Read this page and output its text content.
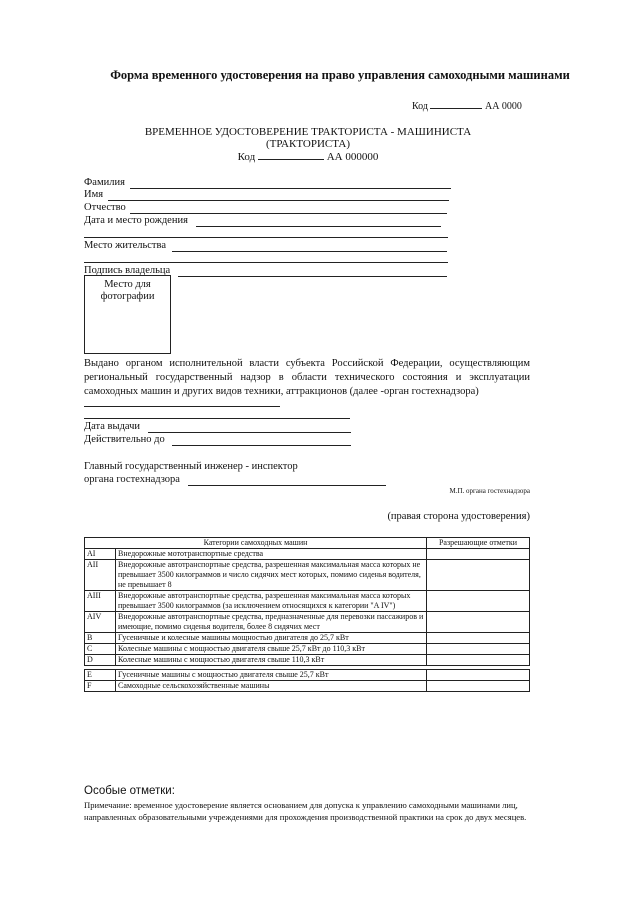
Форма временного удостоверения на право управления самоходными машинами
Код	АА 0000
ВРЕМЕННОЕ УДОСТОВЕРЕНИЕ ТРАКТОРИСТА - МАШИНИСТА
(ТРАКТОРИСТА)
Код	АА 000000
Фамилия
Имя
Отчество
Дата и место рождения
Место жительства
Подпись владельца
Место для
фотографии
Выдано органом исполнительной власти субъекта Российской Федерации, осуществляющим региональный государственный надзор в области технического состояния и эксплуатации самоходных машин и других видов техники, аттракционов (далее -орган гостехнадзора)
Дата выдачи
Действительно до
Главный государственный инженер - инспектор
органа гостехнадзора
М.П. органа гостехнадзора
(правая сторона удостоверения)
Категории самоходных машин		Разрешающие отметки
AI	Внедорожные мототранспортные средства	
AII	Внедорожные автотранспортные средства, разрешенная максимальная масса которых не превышает 3500 килограммов и число сидячих мест которых, помимо сиденья водителя, не превышает 8	
AIII	Внедорожные автотранспортные средства, разрешенная максимальная масса которых превышает 3500 килограммов (за исключением относящихся к категории "A IV")	
AIV	Внедорожные автотранспортные средства, предназначенные для перевозки пассажиров и имеющие, помимо сиденья водителя, более 8 сидячих мест	
B	Гусеничные и колесные машины мощностью двигателя до 25,7 кВт	
C	Колесные машины с мощностью двигателя свыше 25,7 кВт до 110,3 кВт	
D	Колесные машины с мощностью двигателя свыше 110,3 кВт	

E	Гусеничные машины с мощностью двигателя свыше 25,7 кВт	
F	Самоходные сельскохозяйственные машины	
Особые отметки:
Примечание: временное удостоверение является основанием для допуска к управлению самоходными машинами лиц, направленных образовательными учреждениями для прохождения производственной практики на срок до двух месяцев.
